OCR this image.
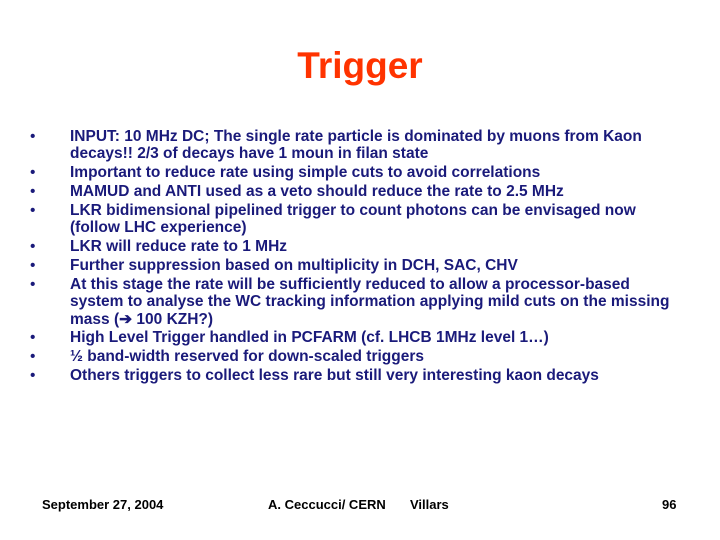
Trigger
•	INPUT: 10 MHz DC; The single rate particle is dominated by muons from Kaon decays!! 2/3 of decays have 1 moun in filan state
•	Important to reduce rate using simple cuts to avoid correlations
•	MAMUD and ANTI used as a veto should reduce the rate to 2.5 MHz
•	LKR bidimensional pipelined trigger to count photons can be envisaged now (follow LHC experience)
•	LKR will reduce rate to 1 MHz
•	Further suppression based on multiplicity in DCH, SAC, CHV
•	At this stage the rate will be sufficiently reduced to allow a processor-based system to analyse the WC tracking information applying mild cuts on the missing mass (➔ 100 KZH?)
•	High Level Trigger handled in PCFARM (cf. LHCB 1MHz level 1…)
•	½ band-width reserved for down-scaled triggers
•	Others triggers to collect less rare but still very interesting kaon decays
September 27, 2004	A. Ceccucci/ CERN Villars	96
